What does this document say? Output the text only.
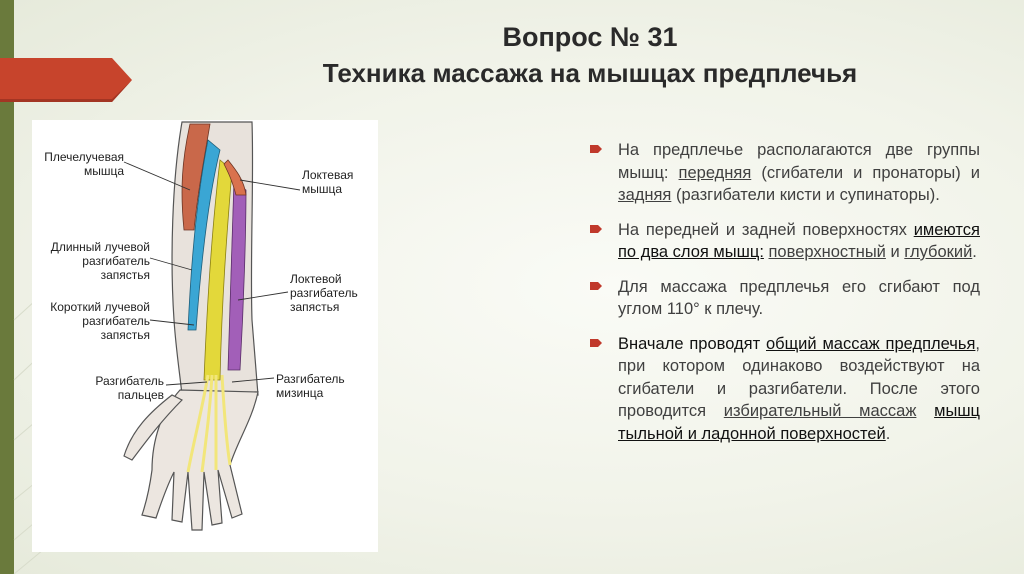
Вопрос № 31
Техника массажа на мышцах предплечья
Плечелучевая
мышца	Локтевая
мышца
Длинный лучевой
разгибатель
запястья	Локтевой
разгибатель
запястья
Короткий лучевой
разгибатель
запястья
Разгибатель
пальцев
Разгибатель
мизинца
На предплечье располагаются две группы мышц: передняя (сгибатели и пронаторы) и задняя (разгибатели кисти и супинаторы).
На передней и задней поверхностях имеются по два слоя мышц: поверхностный и глубокий.
Для массажа предплечья его сгибают под углом 110° к плечу.
Вначале проводят общий массаж предплечья, при котором одинаково воздействуют на сгибатели и разгибатели. После этого проводится избирательный массаж мышц тыльной и ладонной поверхностей.
